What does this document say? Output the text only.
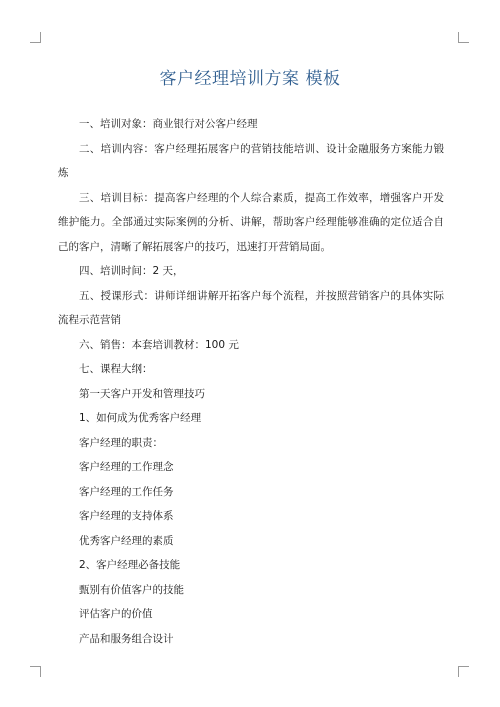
客户经理培训方案 模板

一、培训对象：商业银行对公客户经理

二、培训内容：客户经理拓展客户的营销技能培训、设计金融服务方案能力锻炼

三、培训目标：提高客户经理的个人综合素质，提高工作效率，增强客户开发维护能力。全部通过实际案例的分析、讲解，帮助客户经理能够准确的定位适合自己的客户，清晰了解拓展客户的技巧，迅速打开营销局面。

四、培训时间：2 天，

五、授课形式：讲师详细讲解开拓客户每个流程，并按照营销客户的具体实际流程示范营销

六、销售：本套培训教材：100 元

七、课程大纲：

第一天客户开发和管理技巧

1、如何成为优秀客户经理

客户经理的职责：

客户经理的工作理念

客户经理的工作任务

客户经理的支持体系

优秀客户经理的素质

2、客户经理必备技能

甄别有价值客户的技能

评估客户的价值

产品和服务组合设计
